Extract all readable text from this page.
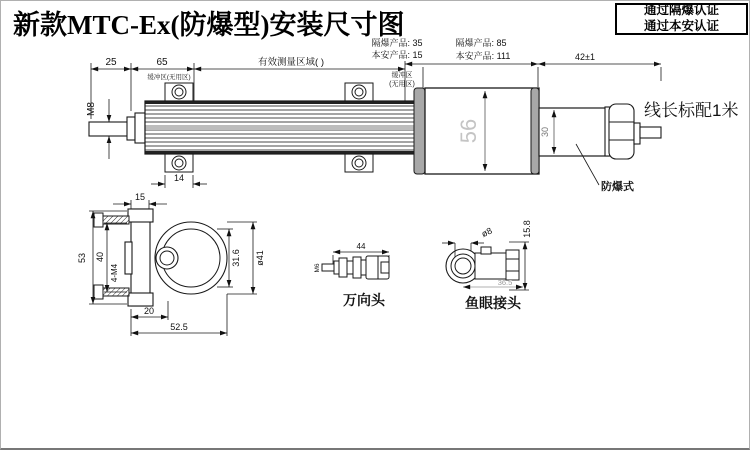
新款MTC-Ex(防爆型)安装尺寸图	通过隔爆认证
通过本安认证
56	30
25	65	有效测量区域( )
缓冲区(无用区)
隔爆产品: 35
本安产品: 15
隔爆产品: 85
本安产品: 111
缓冲区
(无用区)
42±1
M8
14
线长标配1米
防爆式
15
53 40
4-M4
31.6 ø41
20
52.5
44
M6
万向头
ø8	15.8
36.5
鱼眼接头
